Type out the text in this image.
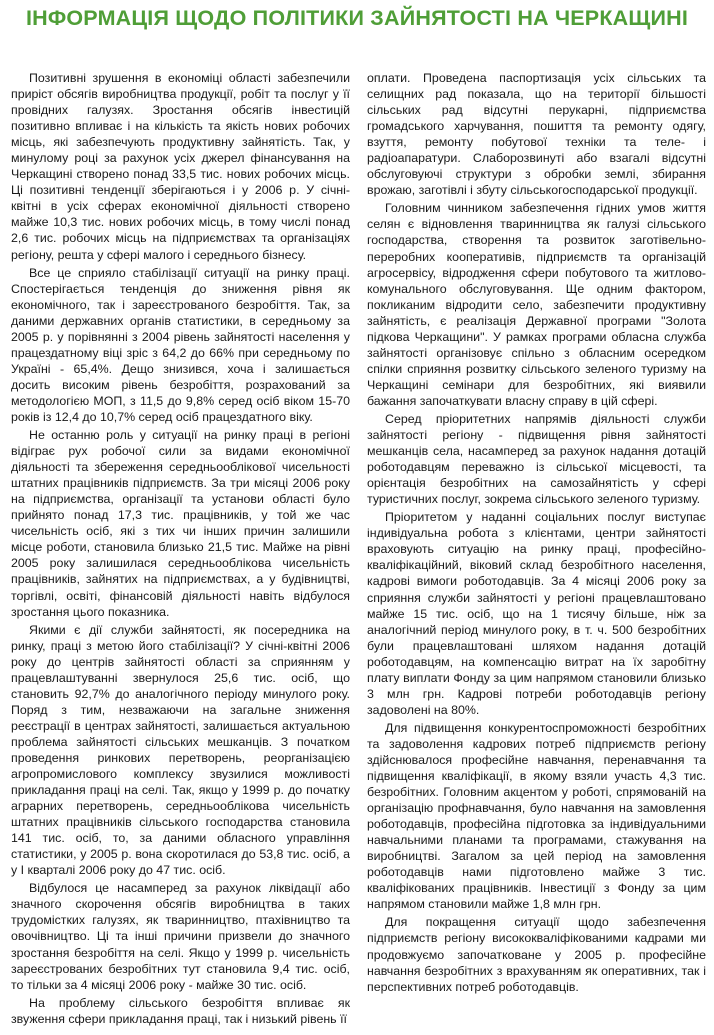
ІНФОРМАЦІЯ ЩОДО ПОЛІТИКИ ЗАЙНЯТОСТІ НА ЧЕРКАЩИНІ

Позитивні зрушення в економіці області забезпечили приріст обсягів виробництва продукції, робіт та послуг у її провідних галузях. Зростання обсягів інвестицій позитивно впливає і на кількість та якість нових робочих місць, які забезпечують продуктивну зайнятість. Так, у минулому році за рахунок усіх джерел фінансування на Черкащині створено понад 33,5 тис. нових робочих місць. Ці позитивні тенденції зберігаються і у 2006 р. У січні-квітні в усіх сферах економічної діяльності створено майже 10,3 тис. нових робочих місць, в тому числі понад 2,6 тис. робочих місць на підприємствах та організаціях регіону, решта у сфері малого і середнього бізнесу.

Все це сприяло стабілізації ситуації на ринку праці. Спостерігається тенденція до зниження рівня як економічного, так і зареєстрованого безробіття. Так, за даними державних органів статистики, в середньому за 2005 р. у порівнянні з 2004 рівень зайнятості населення у працездатному віці зріс з 64,2 до 66% при середньому по Україні - 65,4%. Дещо знизився, хоча і залишається досить високим рівень безробіття, розрахований за методологією МОП, з 11,5 до 9,8% серед осіб віком 15-70 років із 12,4 до 10,7% серед осіб працездатного віку.

Не останню роль у ситуації на ринку праці в регіоні відіграє рух робочої сили за видами економічної діяльності та збереження середньооблікової чисельності штатних працівників підприємств. За три місяці 2006 року на підприємства, організації та установи області було прийнято понад 17,3 тис. працівників, у той же час чисельність осіб, які з тих чи інших причин залишили місце роботи, становила близько 21,5 тис. Майже на рівні 2005 року залишилася середньооблікова чисельність працівників, зайнятих на підприємствах, а у будівництві, торгівлі, освіті, фінансовій діяльності навіть відбулося зростання цього показника.

Якими є дії служби зайнятості, як посередника на ринку, праці з метою його стабілізації? У січні-квітні 2006 року до центрів зайнятості області за сприянням у працевлаштуванні звернулося 25,6 тис. осіб, що становить 92,7% до аналогічного періоду минулого року. Поряд з тим, незважаючи на загальне зниження реєстрації в центрах зайнятості, залишається актуальною проблема зайнятості сільських мешканців. З початком проведення ринкових перетворень, реорганізацією агропромислового комплексу звузилися можливості прикладання праці на селі. Так, якщо у 1999 р. до початку аграрних перетворень, середньооблікова чисельність штатних працівників сільського господарства становила 141 тис. осіб, то, за даними обласного управління статистики, у 2005 р. вона скоротилася до 53,8 тис. осіб, а у І кварталі 2006 року до 47 тис. осіб.

Відбулося це насамперед за рахунок ліквідації або значного скорочення обсягів виробництва в таких трудомістких галузях, як тваринництво, птахівництво та овочівництво. Ці та інші причини призвели до значного зростання безробіття на селі. Якщо у 1999 р. чисельність зареєстрованих безробітних тут становила 9,4 тис. осіб, то тільки за 4 місяці 2006 року - майже 30 тис. осіб.

На проблему сільського безробіття впливає як звуження сфери прикладання праці, так і низький рівень її

оплати. Проведена паспортизація усіх сільських та селищних рад показала, що на території більшості сільських рад відсутні перукарні, підприємства громадського харчування, пошиття та ремонту одягу, взуття, ремонту побутової техніки та теле- і радіоапаратури. Слаборозвинуті або взагалі відсутні обслуговуючі структури з обробки землі, збирання врожаю, заготівлі і збуту сільськогосподарської продукції.

Головним чинником забезпечення гідних умов життя селян є відновлення тваринництва як галузі сільського господарства, створення та розвиток заготівельно-переробних кооперативів, підприємств та організацій агросервісу, відродження сфери побутового та житлово-комунального обслуговування. Ще одним фактором, покликаним відродити село, забезпечити продуктивну зайнятість, є реалізація Державної програми "Золота підкова Черкащини". У рамках програми обласна служба зайнятості організовує спільно з обласним осередком спілки сприяння розвитку сільського зеленого туризму на Черкащині семінари для безробітних, які виявили бажання започаткувати власну справу в цій сфері.

Серед пріоритетних напрямів діяльності служби зайнятості регіону - підвищення рівня зайнятості мешканців села, насамперед за рахунок надання дотацій роботодавцям переважно із сільської місцевості, та орієнтація безробітних на самозайнятість у сфері туристичних послуг, зокрема сільського зеленого туризму.

Пріоритетом у наданні соціальних послуг виступає індивідуальна робота з клієнтами, центри зайнятості враховують ситуацію на ринку праці, професійно-кваліфікаційний, віковий склад безробітного населення, кадрові вимоги роботодавців. За 4 місяці 2006 року за сприяння служби зайнятості у регіоні працевлаштовано майже 15 тис. осіб, що на 1 тисячу більше, ніж за аналогічний період минулого року, в т. ч. 500 безробітних були працевлаштовані шляхом надання дотацій роботодавцям, на компенсацію витрат на їх заробітну плату виплати Фонду за цим напрямом становили близько 3 млн грн. Кадрові потреби роботодавців регіону задоволені на 80%.

Для підвищення конкурентоспроможності безробітних та задоволення кадрових потреб підприємств регіону здійснювалося професійне навчання, перенавчання та підвищення кваліфікації, в якому взяли участь 4,3 тис. безробітних. Головним акцентом у роботі, спрямованій на організацію профнавчання, було навчання на замовлення роботодавців, професійна підготовка за індивідуальними навчальними планами та програмами, стажування на виробництві. Загалом за цей період на замовлення роботодавців нами підготовлено майже 3 тис. кваліфікованих працівників. Інвестиції з Фонду за цим напрямом становили майже 1,8 млн грн.

Для покращення ситуації щодо забезпечення підприємств регіону висококваліфікованими кадрами ми продовжуємо започатковане у 2005 р. професійне навчання безробітних з врахуванням як оперативних, так і перспективних потреб роботодавців.
